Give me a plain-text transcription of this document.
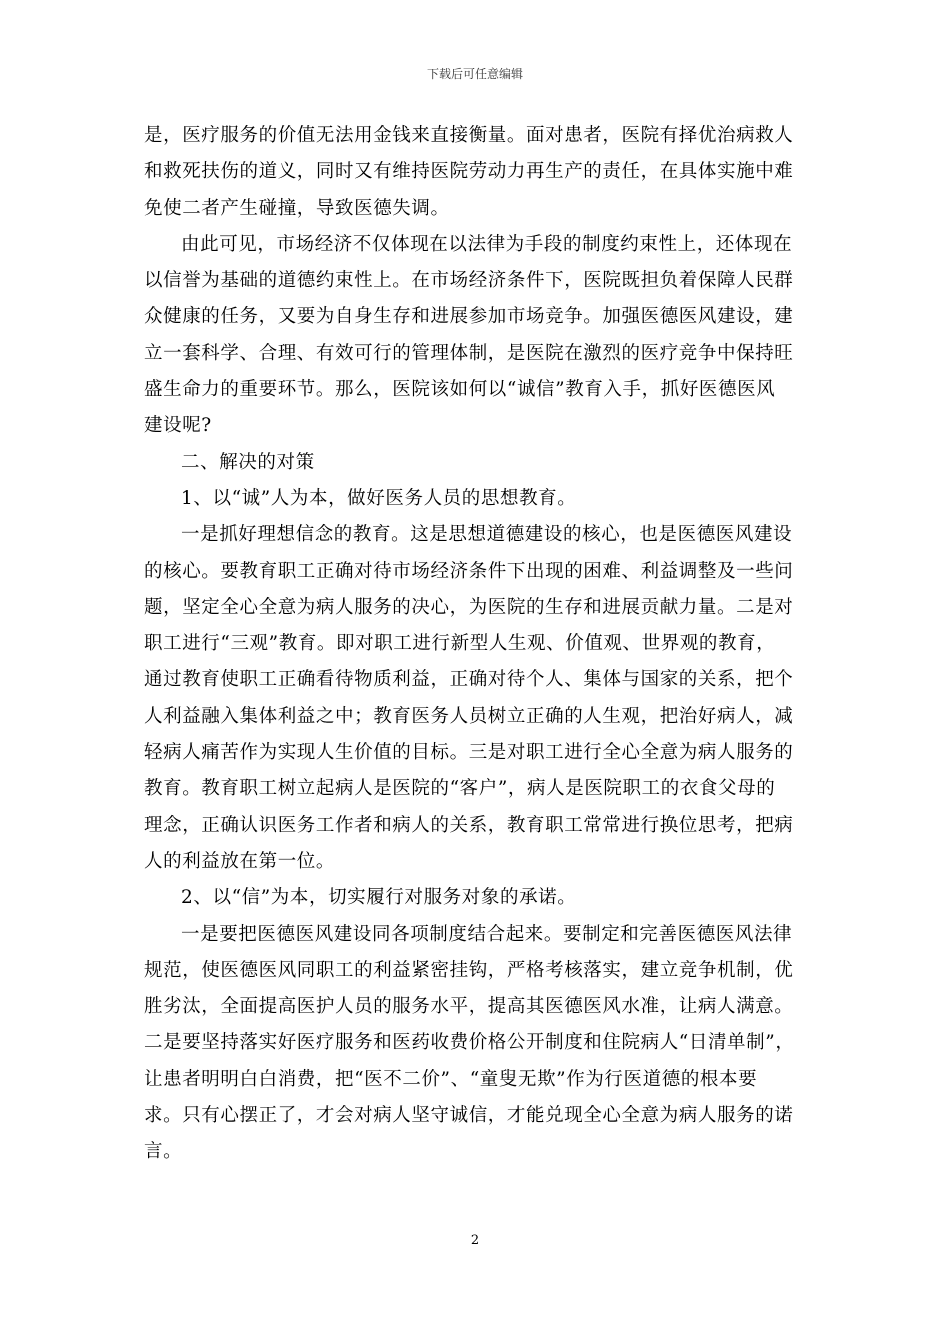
下载后可任意编辑
是，医疗服务的价值无法用金钱来直接衡量。面对患者，医院有择优治病救人
和救死扶伤的道义，同时又有维持医院劳动力再生产的责任，在具体实施中难
免使二者产生碰撞，导致医德失调。
由此可见，市场经济不仅体现在以法律为手段的制度约束性上，还体现在
以信誉为基础的道德约束性上。在市场经济条件下，医院既担负着保障人民群
众健康的任务，又要为自身生存和进展参加市场竞争。加强医德医风建设，建
立一套科学、合理、有效可行的管理体制，是医院在激烈的医疗竞争中保持旺
盛生命力的重要环节。那么，医院该如何以“诚信”教育入手，抓好医德医风
建设呢?
二、解决的对策
1、以“诚”人为本，做好医务人员的思想教育。
一是抓好理想信念的教育。这是思想道德建设的核心，也是医德医风建设
的核心。要教育职工正确对待市场经济条件下出现的困难、利益调整及一些问
题，坚定全心全意为病人服务的决心，为医院的生存和进展贡献力量。二是对
职工进行“三观”教育。即对职工进行新型人生观、价值观、世界观的教育，
通过教育使职工正确看待物质利益，正确对待个人、集体与国家的关系，把个
人利益融入集体利益之中；教育医务人员树立正确的人生观，把治好病人，减
轻病人痛苦作为实现人生价值的目标。三是对职工进行全心全意为病人服务的
教育。教育职工树立起病人是医院的“客户”，病人是医院职工的衣食父母的
理念，正确认识医务工作者和病人的关系，教育职工常常进行换位思考，把病
人的利益放在第一位。
2、以“信”为本，切实履行对服务对象的承诺。
一是要把医德医风建设同各项制度结合起来。要制定和完善医德医风法律
规范，使医德医风同职工的利益紧密挂钩，严格考核落实，建立竞争机制，优
胜劣汰，全面提高医护人员的服务水平，提高其医德医风水准，让病人满意。
二是要坚持落实好医疗服务和医药收费价格公开制度和住院病人“日清单制”，
让患者明明白白消费，把“医不二价”、“童叟无欺”作为行医道德的根本要
求。只有心摆正了，才会对病人坚守诚信，才能兑现全心全意为病人服务的诺
言。
2
